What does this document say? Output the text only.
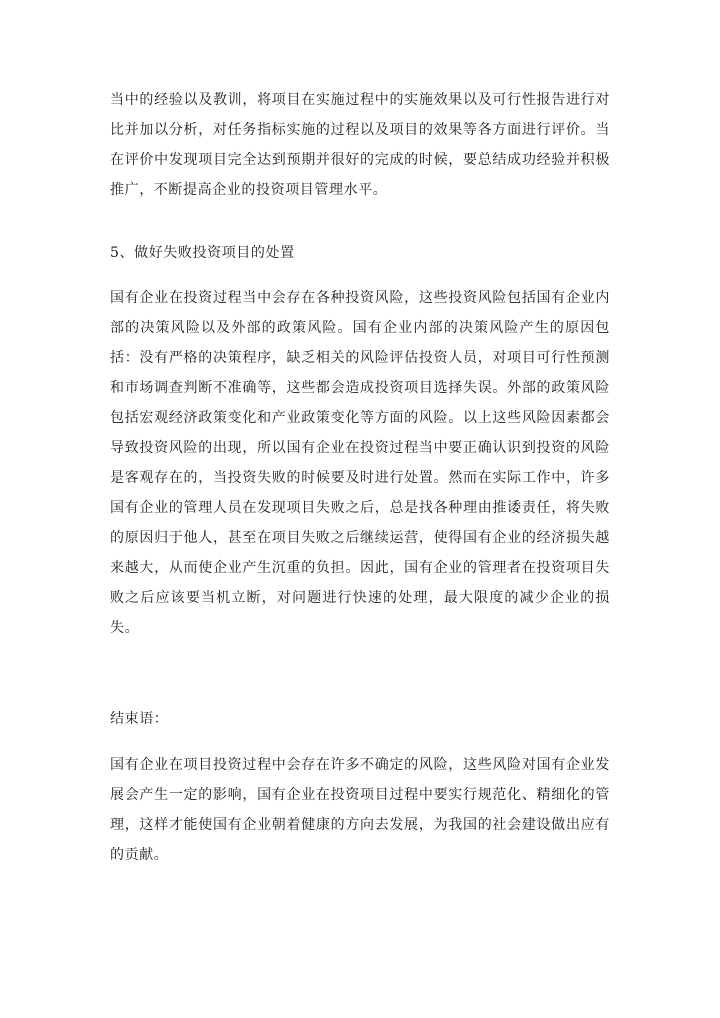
当中的经验以及教训，将项目在实施过程中的实施效果以及可行性报告进行对比并加以分析，对任务指标实施的过程以及项目的效果等各方面进行评价。当在评价中发现项目完全达到预期并很好的完成的时候，要总结成功经验并积极推广，不断提高企业的投资项目管理水平。

5、做好失败投资项目的处置

国有企业在投资过程当中会存在各种投资风险，这些投资风险包括国有企业内部的决策风险以及外部的政策风险。国有企业内部的决策风险产生的原因包括：没有严格的决策程序，缺乏相关的风险评估投资人员，对项目可行性预测和市场调查判断不准确等，这些都会造成投资项目选择失误。外部的政策风险包括宏观经济政策变化和产业政策变化等方面的风险。以上这些风险因素都会导致投资风险的出现，所以国有企业在投资过程当中要正确认识到投资的风险是客观存在的，当投资失败的时候要及时进行处置。然而在实际工作中，许多国有企业的管理人员在发现项目失败之后，总是找各种理由推诿责任，将失败的原因归于他人，甚至在项目失败之后继续运营，使得国有企业的经济损失越来越大，从而使企业产生沉重的负担。因此，国有企业的管理者在投资项目失败之后应该要当机立断，对问题进行快速的处理，最大限度的减少企业的损失。

结束语：

国有企业在项目投资过程中会存在许多不确定的风险，这些风险对国有企业发展会产生一定的影响，国有企业在投资项目过程中要实行规范化、精细化的管理，这样才能使国有企业朝着健康的方向去发展，为我国的社会建设做出应有的贡献。
